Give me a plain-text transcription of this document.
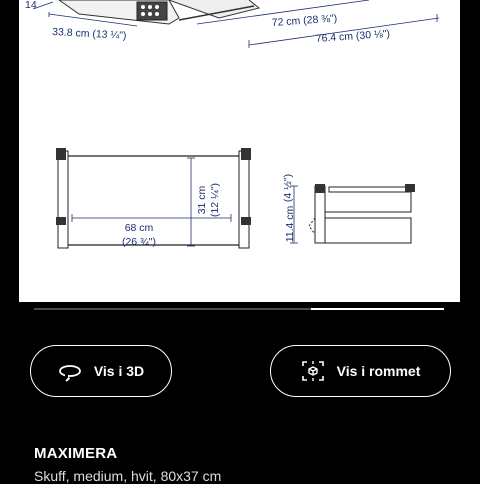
14
33.8 cm (13 ¼")
72 cm (28 ⅜")
76.4 cm (30 ⅛")
68 cm
(26 ¾")
31 cm (12 ¼")
11.4 cm
(4 ½")
Vis i 3D	Vis i rommet
MAXIMERA
Skuff, medium, hvit, 80x37 cm
